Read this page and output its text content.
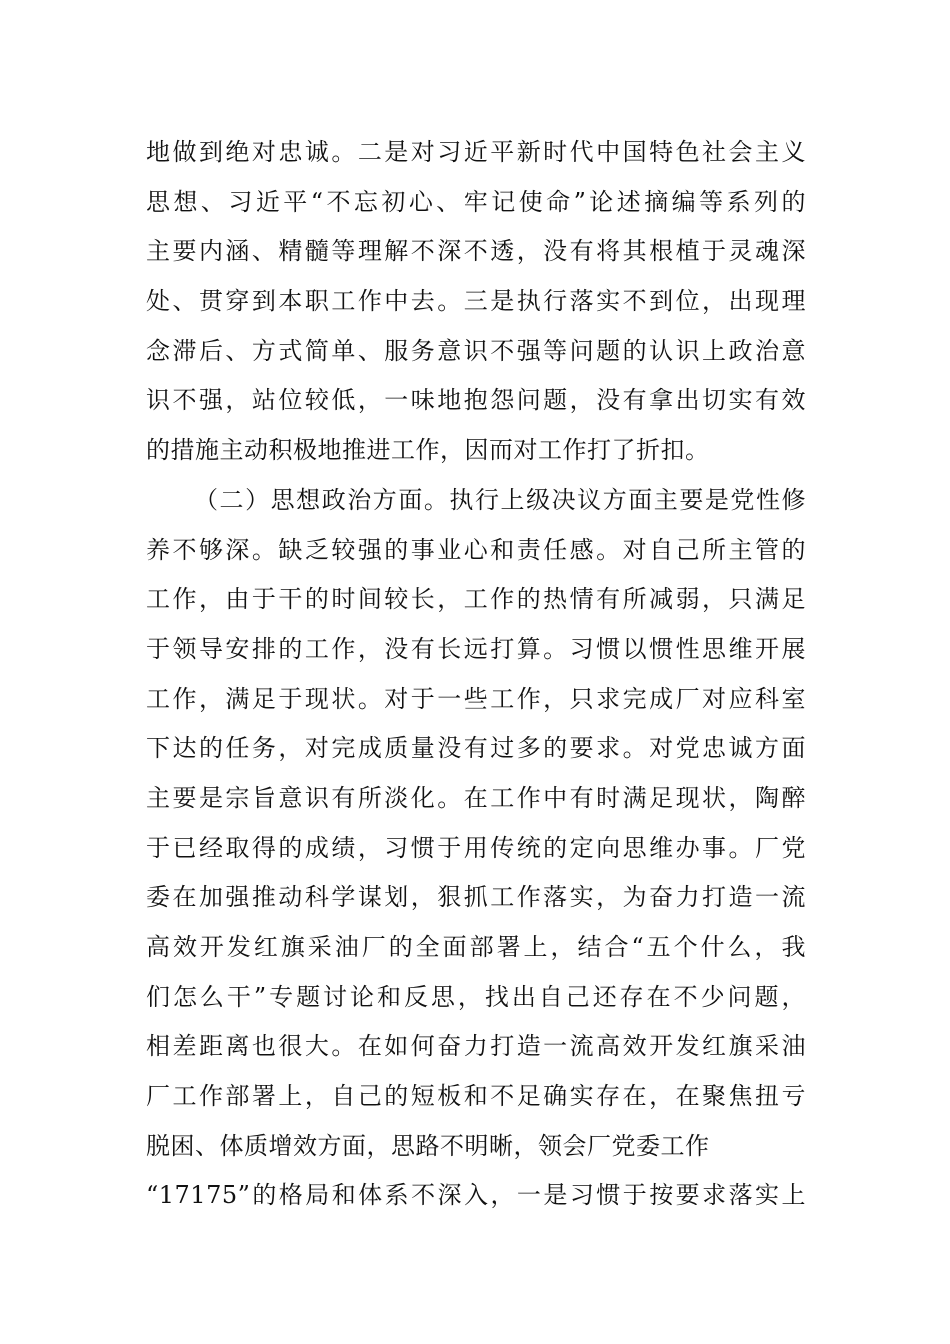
地做到绝对忠诚。二是对习近平新时代中国特色社会主义
思想、习近平“不忘初心、牢记使命”论述摘编等系列的
主要内涵、精髓等理解不深不透，没有将其根植于灵魂深
处、贯穿到本职工作中去。三是执行落实不到位，出现理
念滞后、方式简单、服务意识不强等问题的认识上政治意
识不强，站位较低，一味地抱怨问题，没有拿出切实有效
的措施主动积极地推进工作，因而对工作打了折扣。
（二）思想政治方面。执行上级决议方面主要是党性修
养不够深。缺乏较强的事业心和责任感。对自己所主管的
工作，由于干的时间较长，工作的热情有所减弱，只满足
于领导安排的工作，没有长远打算。习惯以惯性思维开展
工作，满足于现状。对于一些工作，只求完成厂对应科室
下达的任务，对完成质量没有过多的要求。对党忠诚方面
主要是宗旨意识有所淡化。在工作中有时满足现状，陶醉
于已经取得的成绩，习惯于用传统的定向思维办事。厂党
委在加强推动科学谋划，狠抓工作落实，为奋力打造一流
高效开发红旗采油厂的全面部署上，结合“五个什么，我
们怎么干”专题讨论和反思，找出自己还存在不少问题，
相差距离也很大。在如何奋力打造一流高效开发红旗采油
厂工作部署上，自己的短板和不足确实存在，在聚焦扭亏
脱困、体质增效方面，思路不明晰，领会厂党委工作
“17175”的格局和体系不深入，一是习惯于按要求落实上
